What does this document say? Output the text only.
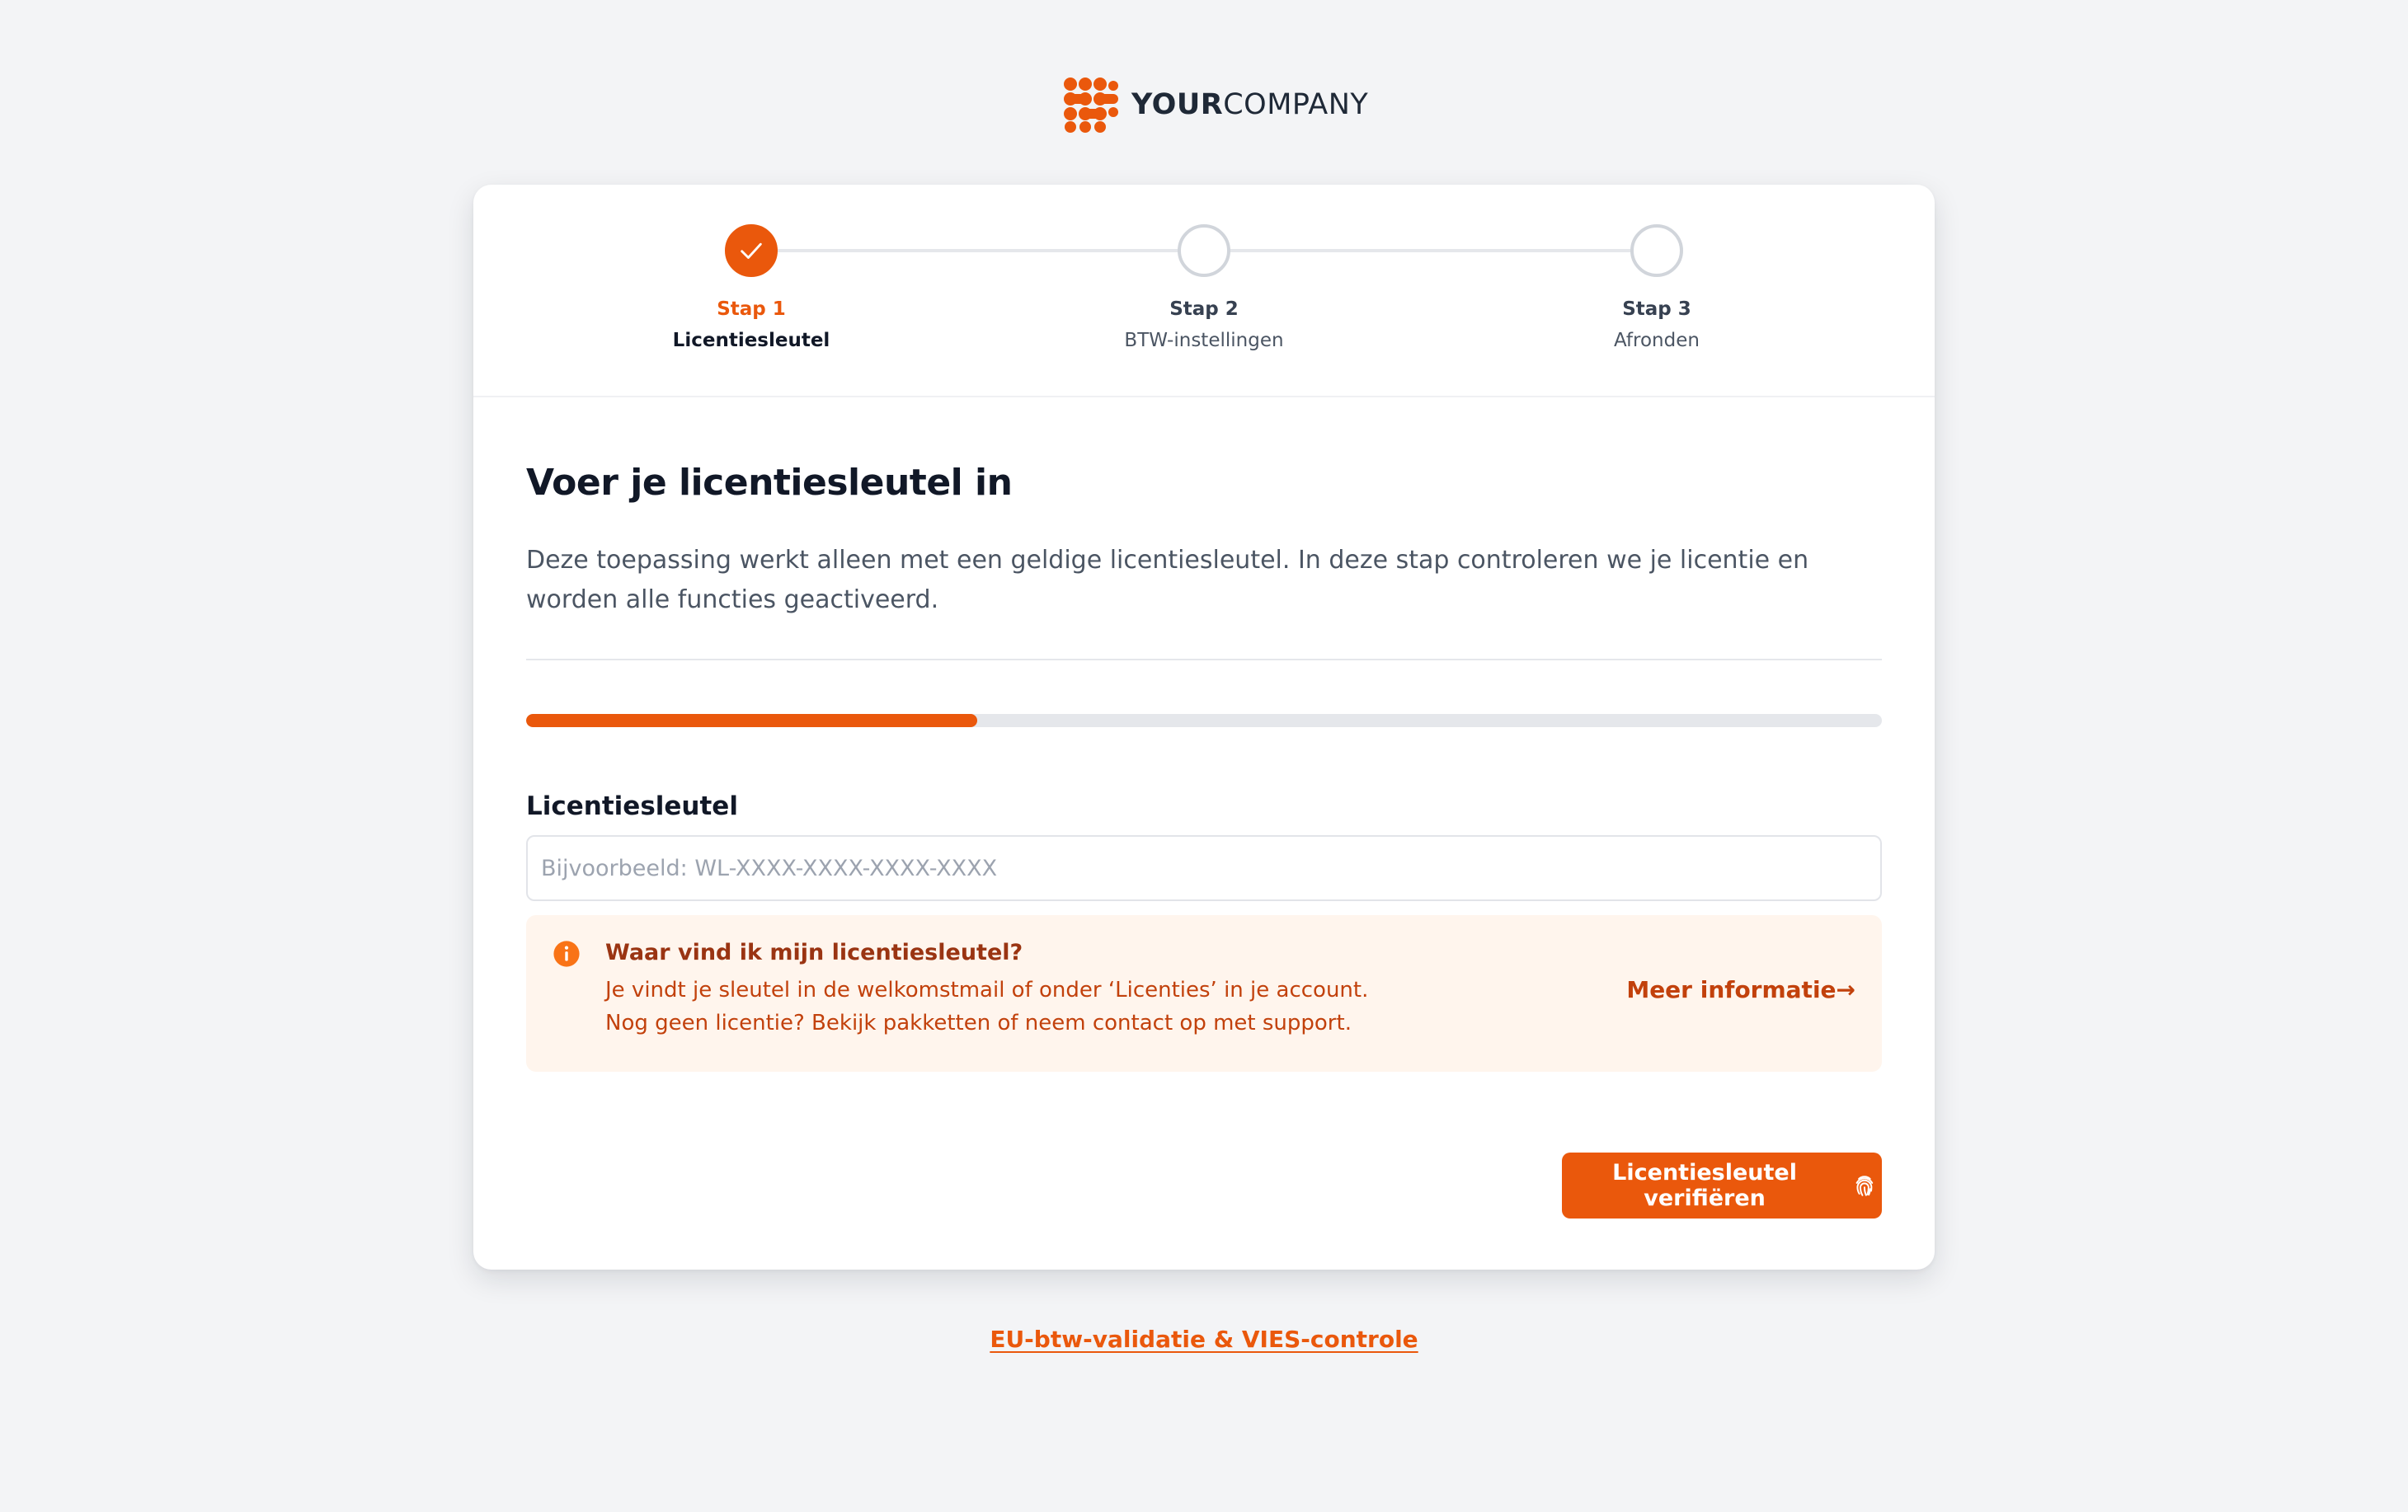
YOURCOMPANY
Stap 1
Licentiesleutel
Stap 2
BTW-instellingen
Stap 3
Afronden
Voer je licentiesleutel in

Deze toepassing werkt alleen met een geldige licentiesleutel. In deze stap controleren we je licentie en worden alle functies geactiveerd.

Licentiesleutel
Bijvoorbeeld: WL-XXXX-XXXX-XXXX-XXXX
Waar vind ik mijn licentiesleutel?
Je vindt je sleutel in de welkomstmail of onder ‘Licenties’ in je account.
Nog geen licentie? Bekijk pakketten of neem contact op met support.
Meer informatie→
Licentiesleutel verifiëren
EU-btw-validatie & VIES-controle
